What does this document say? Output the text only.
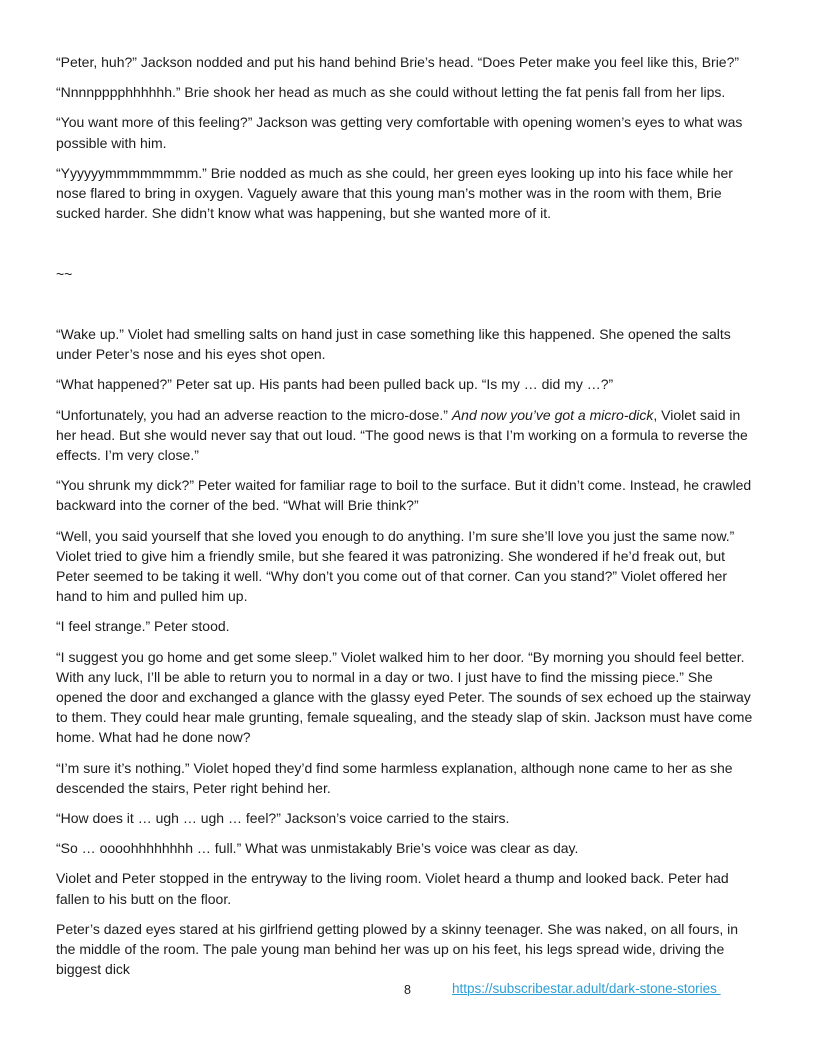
“Peter, huh?” Jackson nodded and put his hand behind Brie’s head. “Does Peter make you feel like this, Brie?”

“Nnnnpppphhhhhh.” Brie shook her head as much as she could without letting the fat penis fall from her lips.

“You want more of this feeling?” Jackson was getting very comfortable with opening women’s eyes to what was possible with him.

“Yyyyyymmmmmmmm.” Brie nodded as much as she could, her green eyes looking up into his face while her nose flared to bring in oxygen. Vaguely aware that this young man’s mother was in the room with them, Brie sucked harder. She didn’t know what was happening, but she wanted more of it.

~~

“Wake up.” Violet had smelling salts on hand just in case something like this happened. She opened the salts under Peter’s nose and his eyes shot open.

“What happened?” Peter sat up. His pants had been pulled back up. “Is my … did my …?”

“Unfortunately, you had an adverse reaction to the micro-dose.” And now you’ve got a micro-dick, Violet said in her head. But she would never say that out loud. “The good news is that I’m working on a formula to reverse the effects. I’m very close.”

“You shrunk my dick?” Peter waited for familiar rage to boil to the surface. But it didn’t come. Instead, he crawled backward into the corner of the bed. “What will Brie think?”

“Well, you said yourself that she loved you enough to do anything. I’m sure she’ll love you just the same now.” Violet tried to give him a friendly smile, but she feared it was patronizing. She wondered if he’d freak out, but Peter seemed to be taking it well. “Why don’t you come out of that corner. Can you stand?” Violet offered her hand to him and pulled him up.

“I feel strange.” Peter stood.

“I suggest you go home and get some sleep.” Violet walked him to her door. “By morning you should feel better. With any luck, I’ll be able to return you to normal in a day or two. I just have to find the missing piece.” She opened the door and exchanged a glance with the glassy eyed Peter. The sounds of sex echoed up the stairway to them. They could hear male grunting, female squealing, and the steady slap of skin. Jackson must have come home. What had he done now?

“I’m sure it’s nothing.” Violet hoped they’d find some harmless explanation, although none came to her as she descended the stairs, Peter right behind her.

“How does it … ugh … ugh … feel?” Jackson’s voice carried to the stairs.

“So … oooohhhhhhhh … full.” What was unmistakably Brie’s voice was clear as day.

Violet and Peter stopped in the entryway to the living room. Violet heard a thump and looked back. Peter had fallen to his butt on the floor.

Peter’s dazed eyes stared at his girlfriend getting plowed by a skinny teenager. She was naked, on all fours, in the middle of the room. The pale young man behind her was up on his feet, his legs spread wide, driving the biggest dick

8	https://subscribestar.adult/dark-stone-stories
